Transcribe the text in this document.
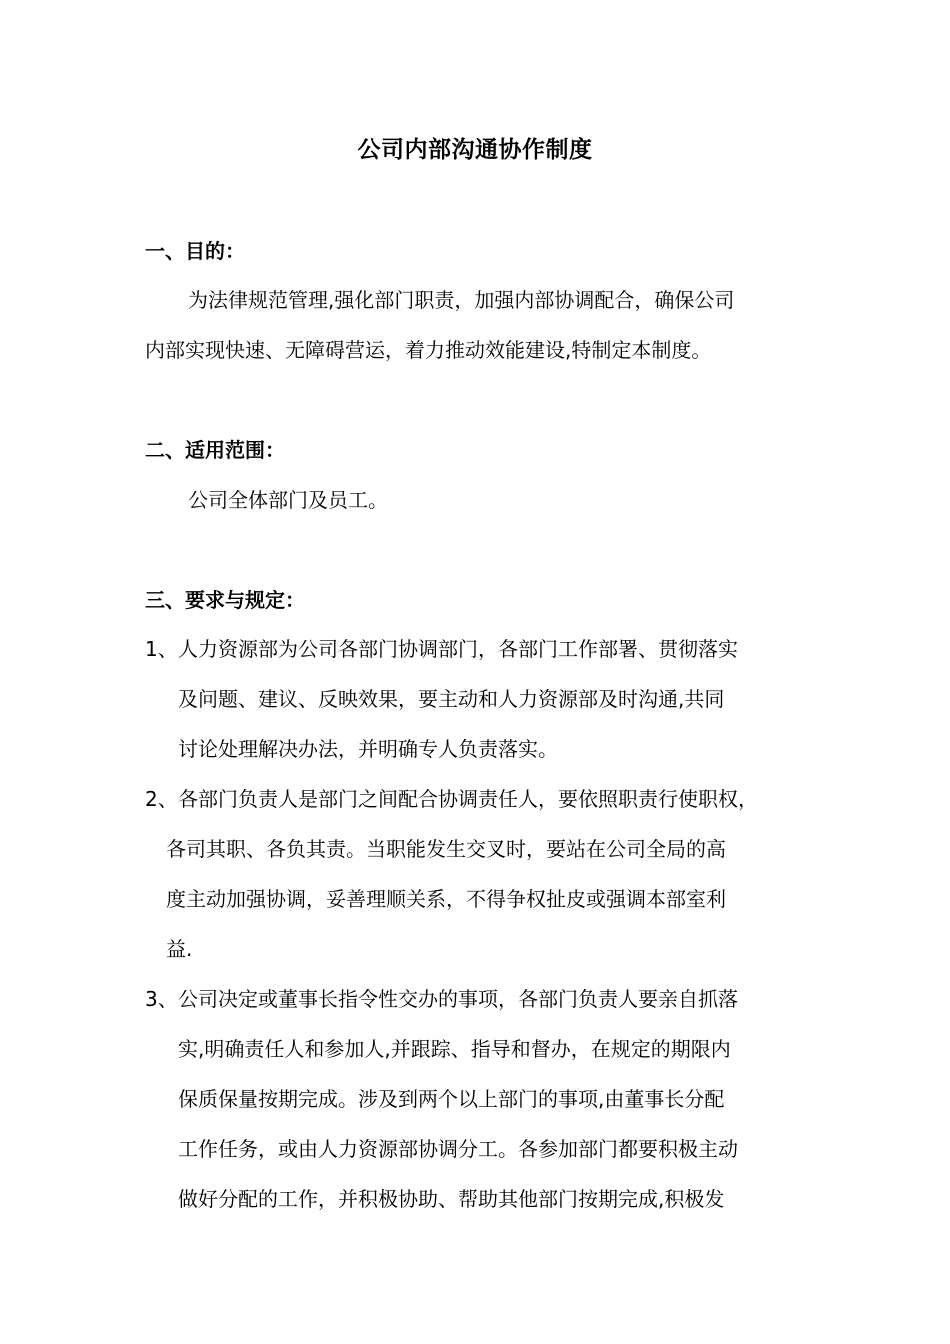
公司内部沟通协作制度
一、目的：
为法律规范管理,强化部门职责，加强内部协调配合，确保公司
内部实现快速、无障碍营运，着力推动效能建设,特制定本制度。
二、适用范围：
公司全体部门及员工。
三、要求与规定：
1、 人力资源部为公司各部门协调部门，各部门工作部署、贯彻落实
及问题、建议、反映效果，要主动和人力资源部及时沟通,共同
讨论处理解决办法，并明确专人负责落实。
2、 各部门负责人是部门之间配合协调责任人，要依照职责行使职权，
各司其职、各负其责。当职能发生交叉时，要站在公司全局的高
度主动加强协调，妥善理顺关系，不得争权扯皮或强调本部室利
益.
3、 公司决定或董事长指令性交办的事项，各部门负责人要亲自抓落
实,明确责任人和参加人,并跟踪、指导和督办，在规定的期限内
保质保量按期完成。涉及到两个以上部门的事项,由董事长分配
工作任务，或由人力资源部协调分工。各参加部门都要积极主动
做好分配的工作，并积极协助、帮助其他部门按期完成,积极发
